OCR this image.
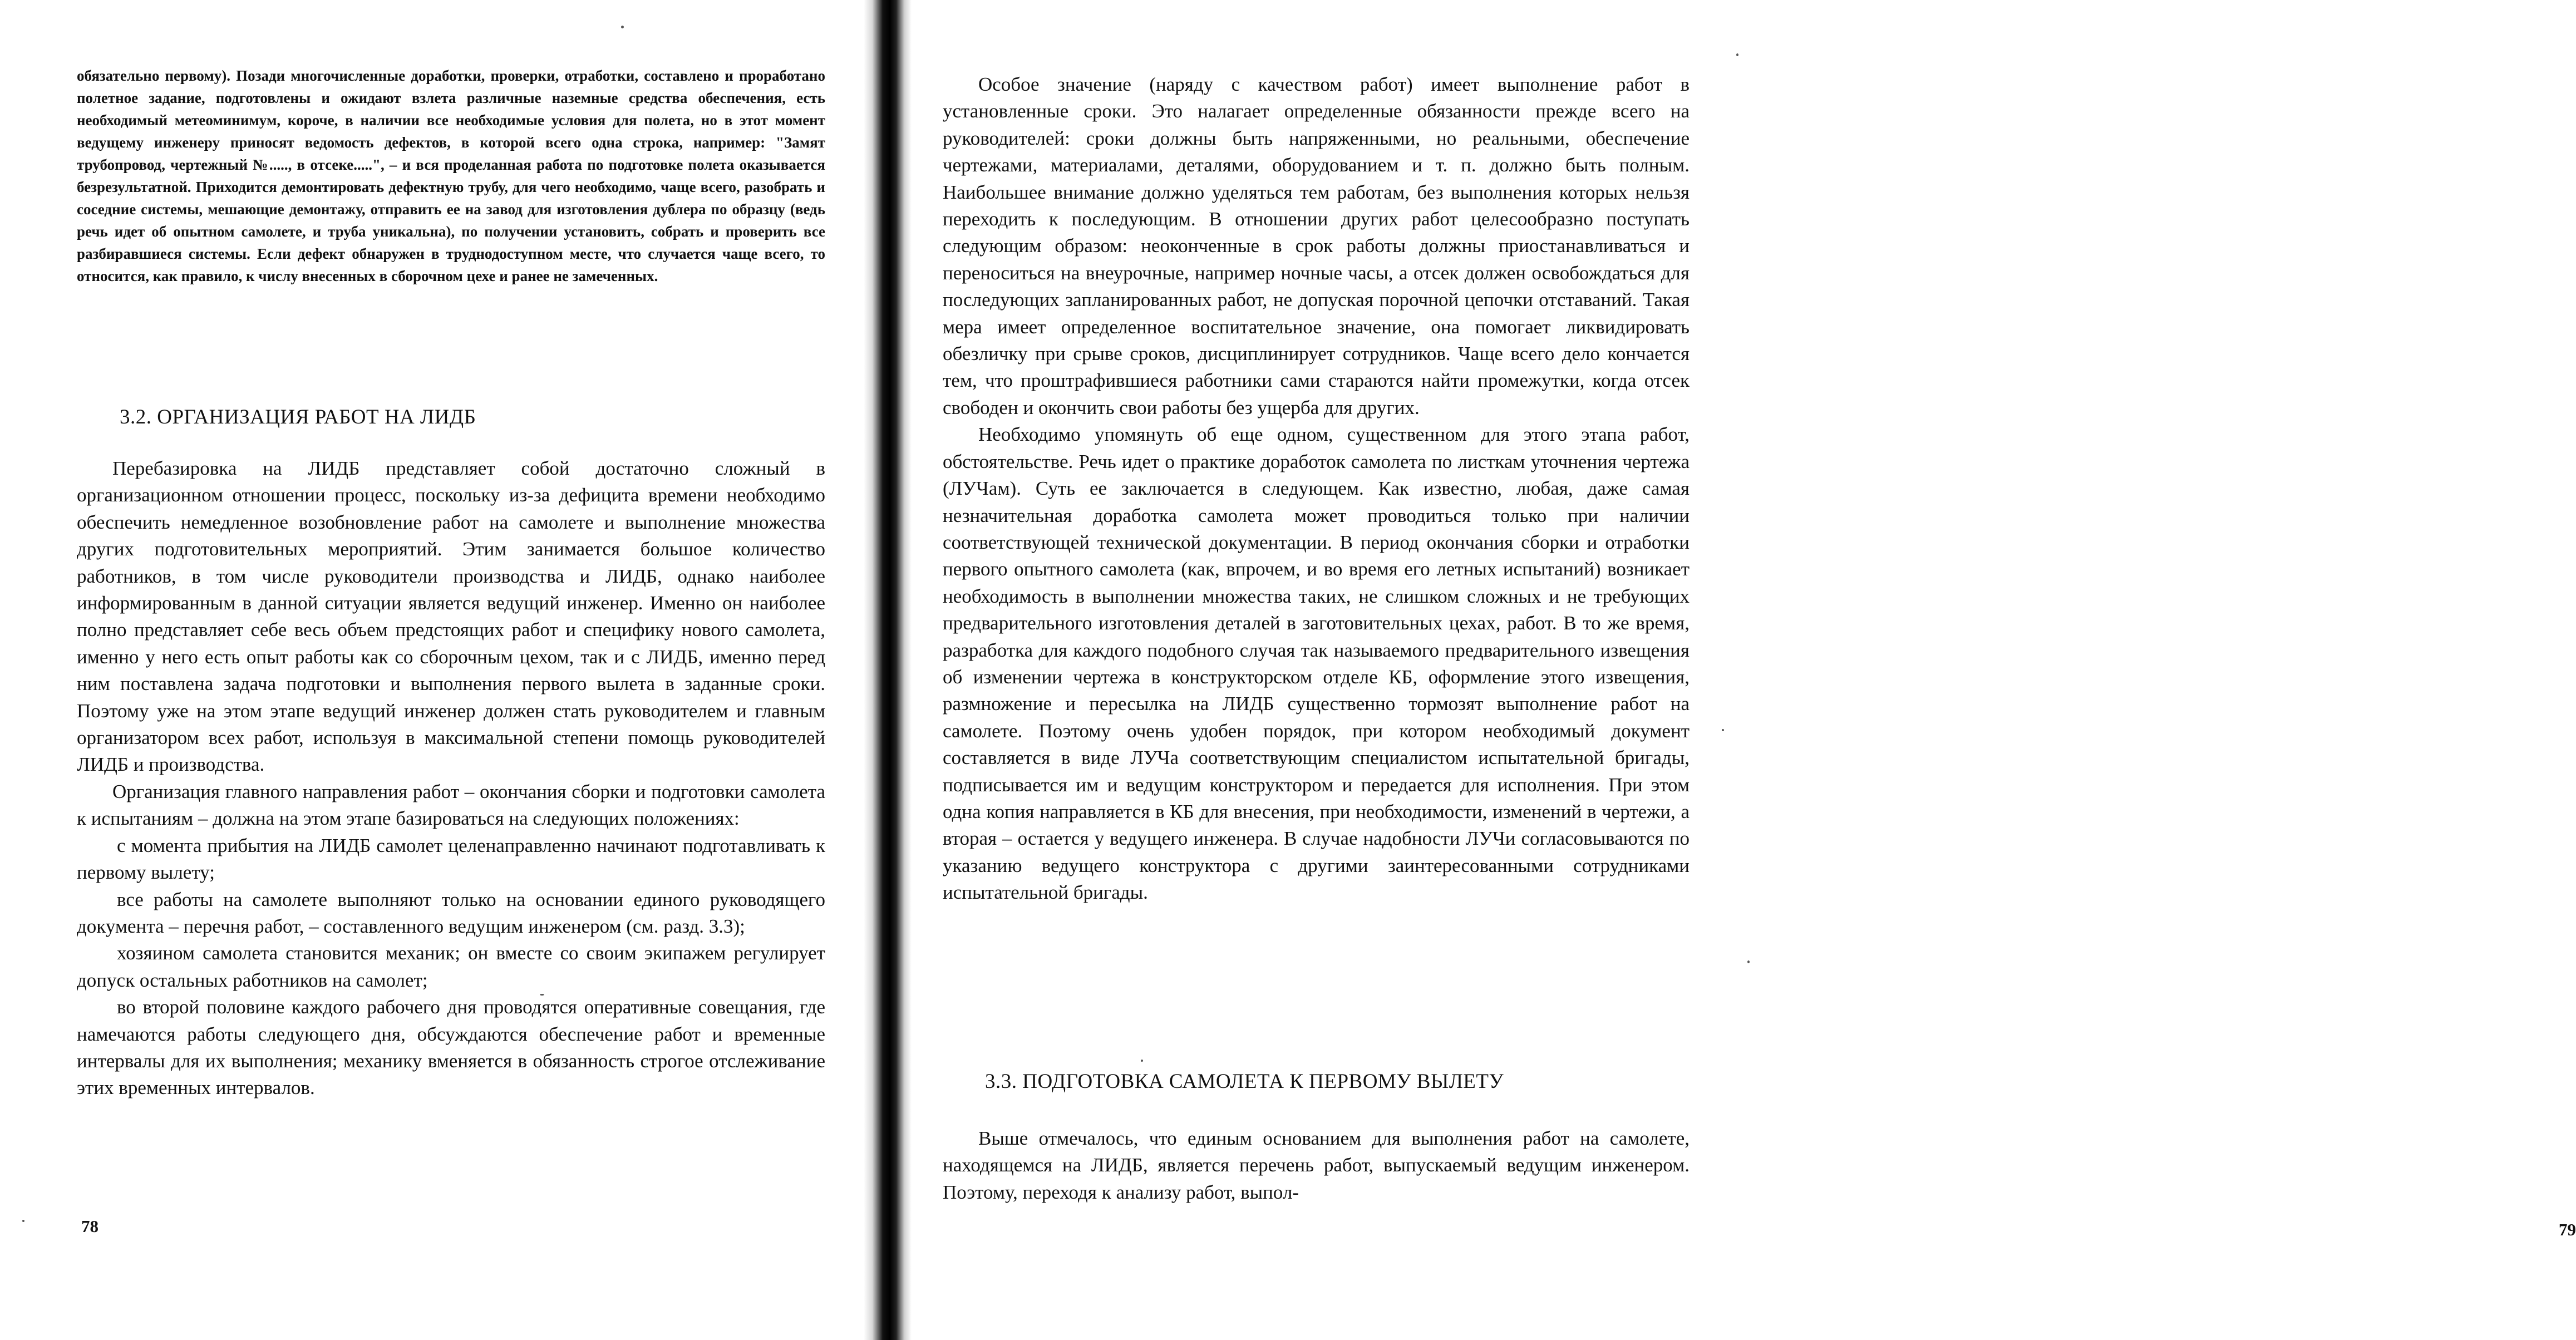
обязательно первому). Позади многочисленные доработки, проверки, отработки, составлено и проработано полетное задание, подготовлены и ожидают взлета различные наземные средства обеспечения, есть необходимый метеоминимум, короче, в наличии все необходимые условия для полета, но в этот момент ведущему инженеру приносят ведомость дефектов, в которой всего одна строка, например: "Замят трубопровод, чертежный №....., в отсеке.....", – и вся проделанная работа по подготовке полета оказывается безрезультатной. Приходится демонтировать дефектную трубу, для чего необходимо, чаще всего, разобрать и соседние системы, мешающие демонтажу, отправить ее на завод для изготовления дублера по образцу (ведь речь идет об опытном самолете, и труба уникальна), по получении установить, собрать и проверить все разбиравшиеся системы. Если дефект обнаружен в труднодоступном месте, что случается чаще всего, то относится, как правило, к числу внесенных в сборочном цехе и ранее не замеченных.
3.2. ОРГАНИЗАЦИЯ РАБОТ НА ЛИДБ

Перебазировка на ЛИДБ представляет собой достаточно сложный в организационном отношении процесс, поскольку из-за дефицита времени необходимо обеспечить немедленное возобновление работ на самолете и выполнение множества других подготовительных мероприятий. Этим занимается большое количество работников, в том числе руководители производства и ЛИДБ, однако наиболее информированным в данной ситуации является ведущий инженер. Именно он наиболее полно представляет себе весь объем предстоящих работ и специфику нового самолета, именно у него есть опыт работы как со сборочным цехом, так и с ЛИДБ, именно перед ним поставлена задача подготовки и выполнения первого вылета в заданные сроки. Поэтому уже на этом этапе ведущий инженер должен стать руководителем и главным организатором всех работ, используя в максимальной степени помощь руководителей ЛИДБ и производства.

Организация главного направления работ – окончания сборки и подготовки самолета к испытаниям – должна на этом этапе базироваться на следующих положениях:

с момента прибытия на ЛИДБ самолет целенаправленно начинают подготавливать к первому вылету;

все работы на самолете выполняют только на основании единого руководящего документа – перечня работ, – составленного ведущим инженером (см. разд. 3.3);

хозяином самолета становится механик; он вместе со своим экипажем регулирует допуск остальных работников на самолет;

во второй половине каждого рабочего дня проводятся оперативные совещания, где намечаются работы следующего дня, обсуждаются обеспечение работ и временные интервалы для их выполнения; механику вменяется в обязанность строгое отслеживание этих временных интервалов.

78

Особое значение (наряду с качеством работ) имеет выполнение работ в установленные сроки. Это налагает определенные обязанности прежде всего на руководителей: сроки должны быть напряженными, но реальными, обеспечение чертежами, материалами, деталями, оборудованием и т. п. должно быть полным. Наибольшее внимание должно уделяться тем работам, без выполнения которых нельзя переходить к последующим. В отношении других работ целесообразно поступать следующим образом: неоконченные в срок работы должны приостанавливаться и переноситься на внеурочные, например ночные часы, а отсек должен освобождаться для последующих запланированных работ, не допуская порочной цепочки отставаний. Такая мера имеет определенное воспитательное значение, она помогает ликвидировать обезличку при срыве сроков, дисциплинирует сотрудников. Чаще всего дело кончается тем, что проштрафившиеся работники сами стараются найти промежутки, когда отсек свободен и окончить свои работы без ущерба для других.

Необходимо упомянуть об еще одном, существенном для этого этапа работ, обстоятельстве. Речь идет о практике доработок самолета по листкам уточнения чертежа (ЛУЧам). Суть ее заключается в следующем. Как известно, любая, даже самая незначительная доработка самолета может проводиться только при наличии соответствующей технической документации. В период окончания сборки и отработки первого опытного самолета (как, впрочем, и во время его летных испытаний) возникает необходимость в выполнении множества таких, не слишком сложных и не требующих предварительного изготовления деталей в заготовительных цехах, работ. В то же время, разработка для каждого подобного случая так называемого предварительного извещения об изменении чертежа в конструкторском отделе КБ, оформление этого извещения, размножение и пересылка на ЛИДБ существенно тормозят выполнение работ на самолете. Поэтому очень удобен порядок, при котором необходимый документ составляется в виде ЛУЧа соответствующим специалистом испытательной бригады, подписывается им и ведущим конструктором и передается для исполнения. При этом одна копия направляется в КБ для внесения, при необходимости, изменений в чертежи, а вторая – остается у ведущего инженера. В случае надобности ЛУЧи согласовываются по указанию ведущего конструктора с другими заинтересованными сотрудниками испытательной бригады.

3.3. ПОДГОТОВКА САМОЛЕТА К ПЕРВОМУ ВЫЛЕТУ

Выше отмечалось, что единым основанием для выполнения работ на самолете, находящемся на ЛИДБ, является перечень работ, выпускаемый ведущим инженером. Поэтому, переходя к анализу работ, выпол-

79
